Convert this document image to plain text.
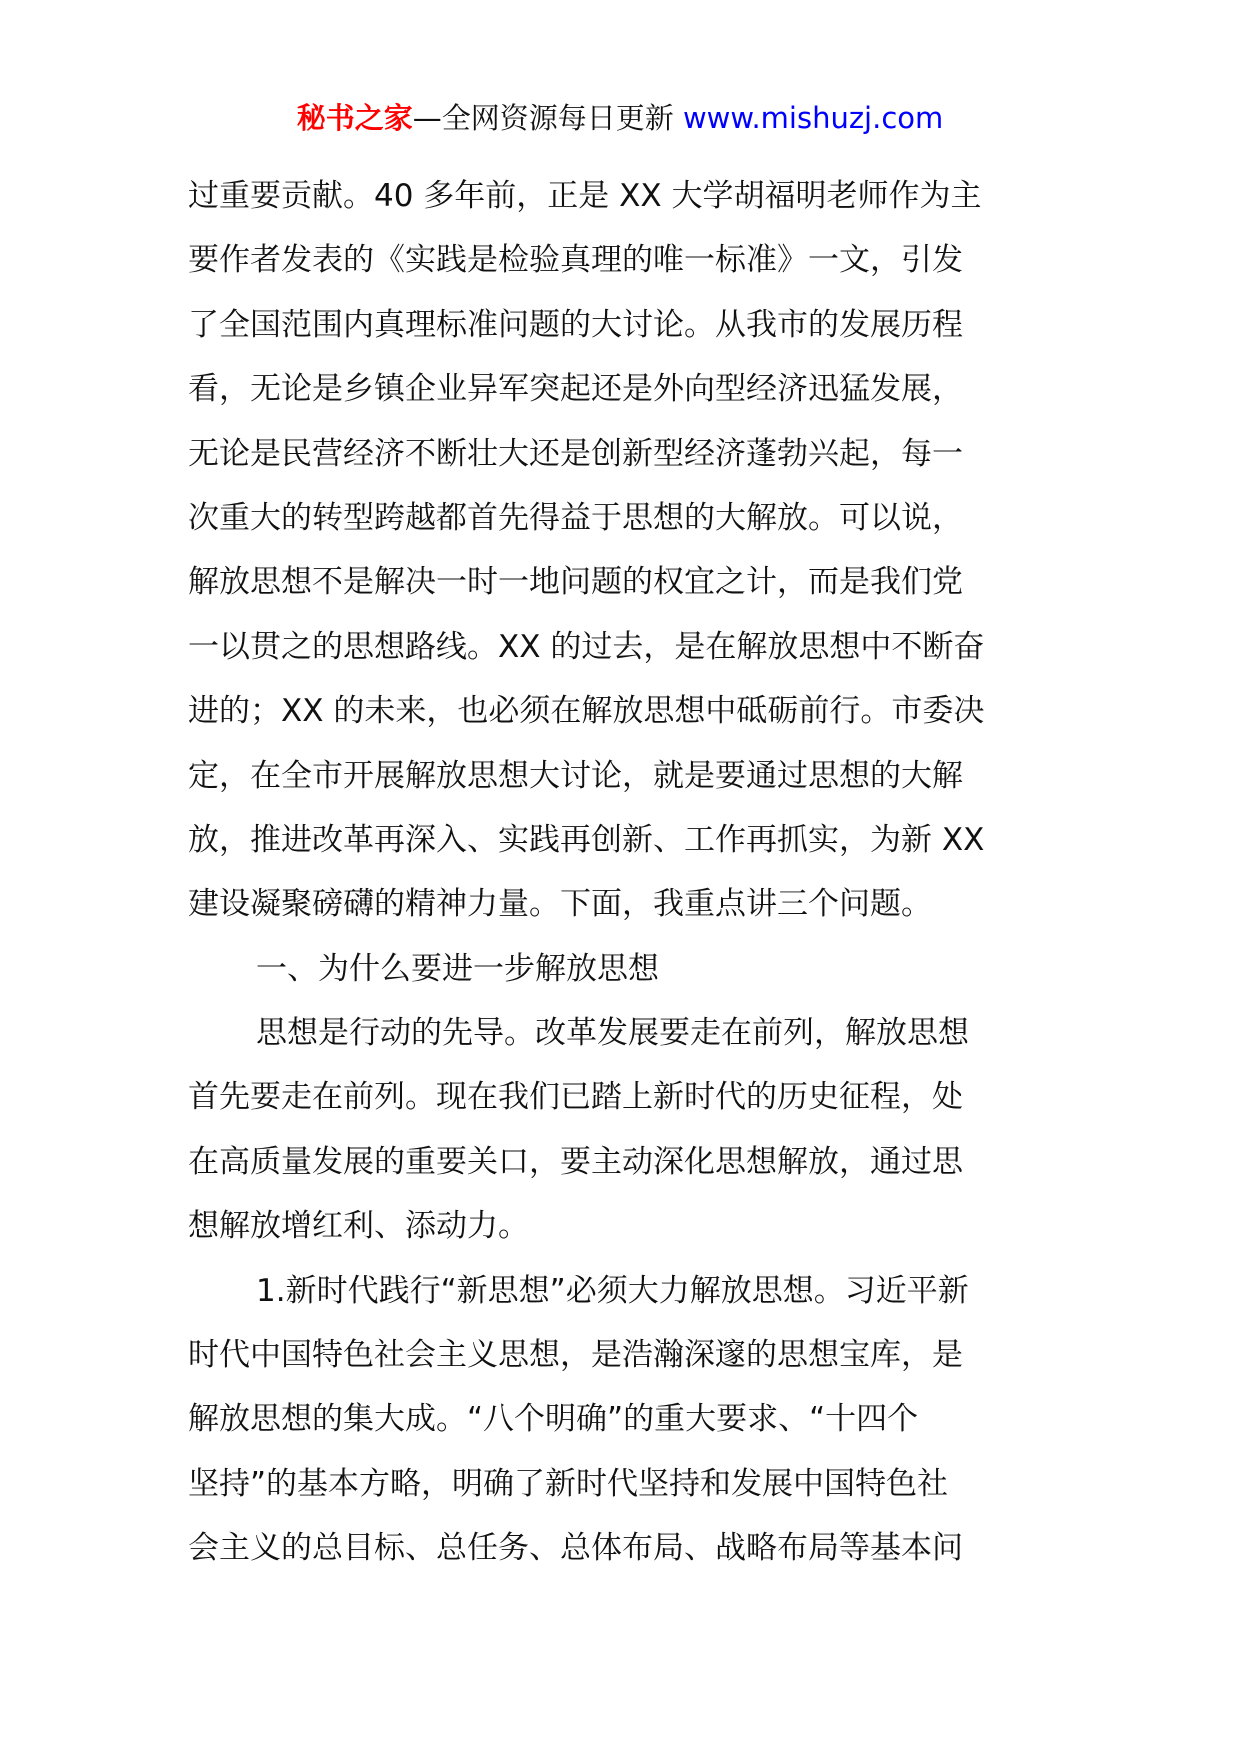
秘书之家—全网资源每日更新 www.mishuzj.com
过重要贡献。40 多年前，正是 XX 大学胡福明老师作为主
要作者发表的《实践是检验真理的唯一标准》一文，引发
了全国范围内真理标准问题的大讨论。从我市的发展历程
看，无论是乡镇企业异军突起还是外向型经济迅猛发展，
无论是民营经济不断壮大还是创新型经济蓬勃兴起，每一
次重大的转型跨越都首先得益于思想的大解放。可以说，
解放思想不是解决一时一地问题的权宜之计，而是我们党
一以贯之的思想路线。XX 的过去，是在解放思想中不断奋
进的；XX 的未来，也必须在解放思想中砥砺前行。市委决
定，在全市开展解放思想大讨论，就是要通过思想的大解
放，推进改革再深入、实践再创新、工作再抓实，为新 XX
建设凝聚磅礴的精神力量。下面，我重点讲三个问题。
一、为什么要进一步解放思想
思想是行动的先导。改革发展要走在前列，解放思想
首先要走在前列。现在我们已踏上新时代的历史征程，处
在高质量发展的重要关口，要主动深化思想解放，通过思
想解放增红利、添动力。
1.新时代践行“新思想”必须大力解放思想。习近平新
时代中国特色社会主义思想，是浩瀚深邃的思想宝库，是
解放思想的集大成。“八个明确”的重大要求、“十四个
坚持”的基本方略，明确了新时代坚持和发展中国特色社
会主义的总目标、总任务、总体布局、战略布局等基本问
